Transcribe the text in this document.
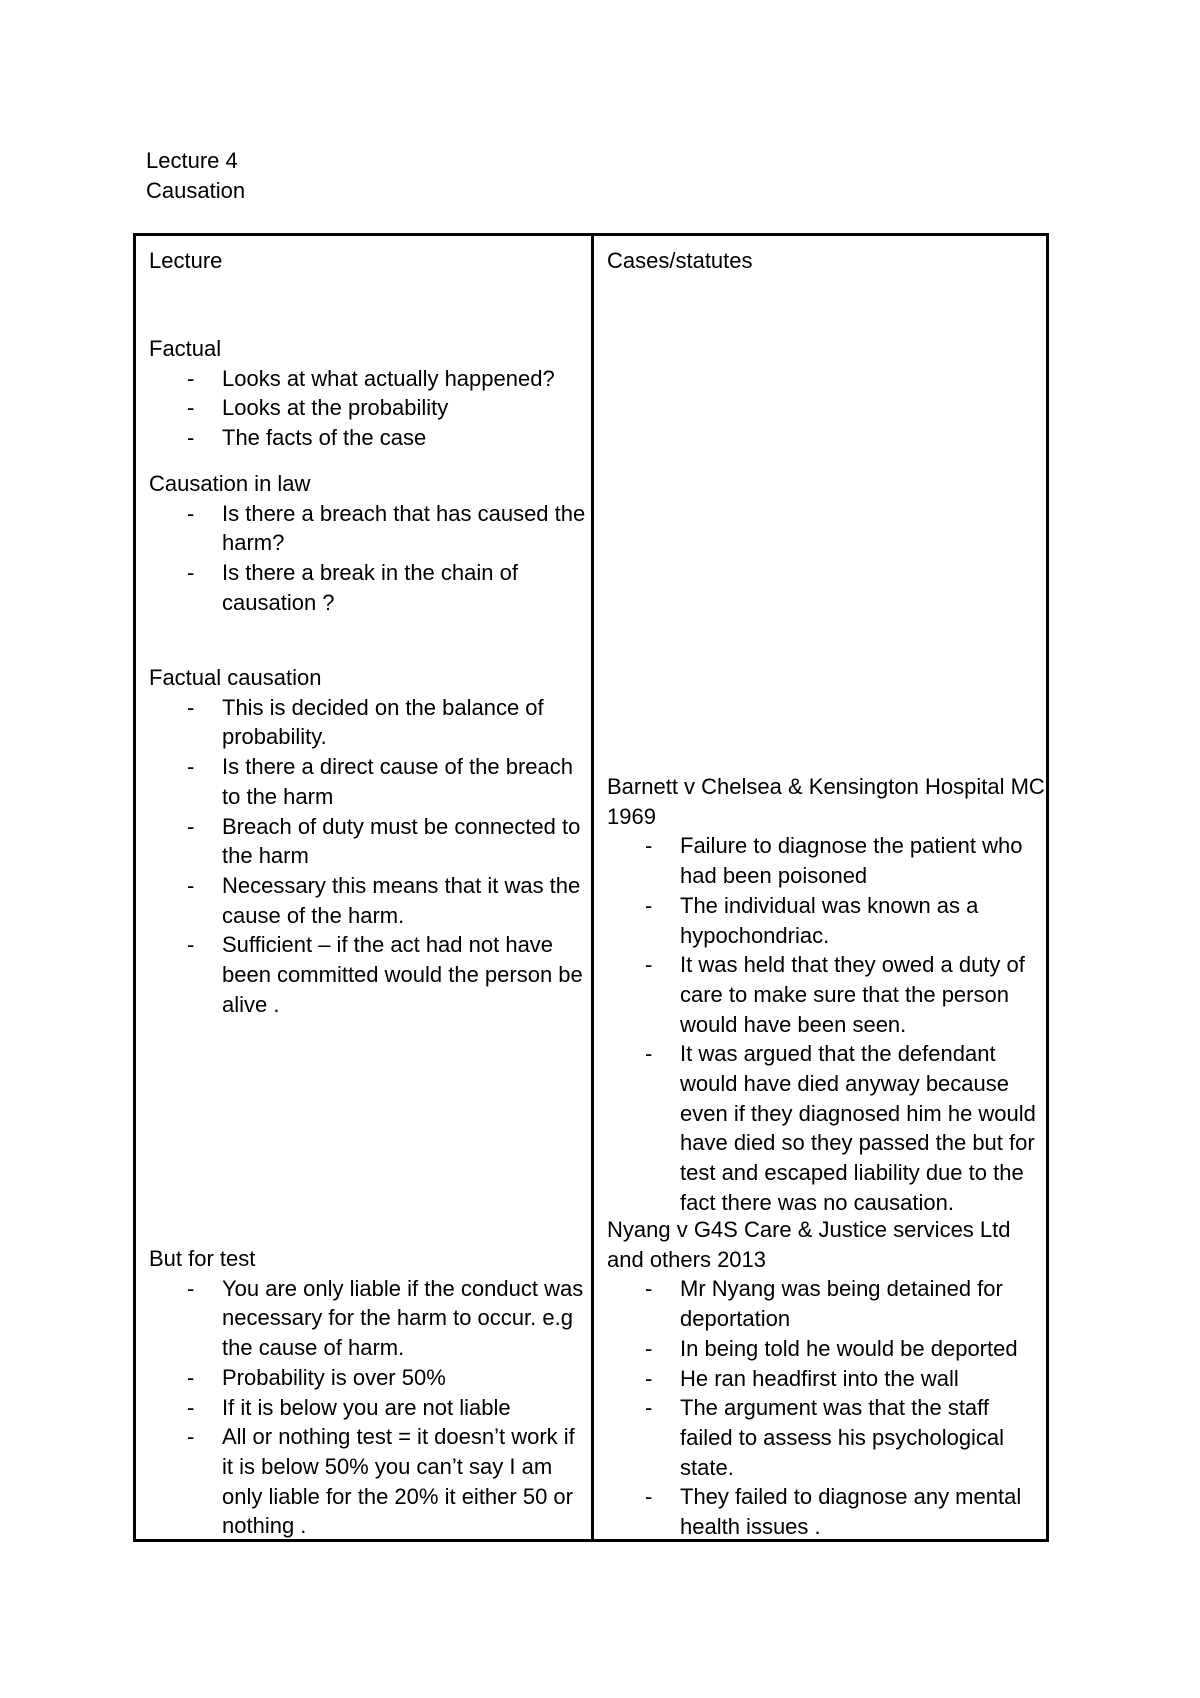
Lecture 4
Causation
Lecture	Cases/statutes
Factual
- Looks at what actually happened?
- Looks at the probability
- The facts of the case
Causation in law
- Is there a breach that has caused the harm?
- Is there a break in the chain of causation ?
Factual causation
- This is decided on the balance of probability.
- Is there a direct cause of the breach to the harm
- Breach of duty must be connected to the harm
- Necessary this means that it was the cause of the harm.
- Sufficient – if the act had not have been committed would the person be alive .
But for test
- You are only liable if the conduct was necessary for the harm to occur. e.g the cause of harm.
- Probability is over 50%
- If it is below you are not liable
- All or nothing test = it doesn’t work if it is below 50% you can’t say I am only liable for the 20% it either 50 or nothing .
Barnett v Chelsea & Kensington Hospital MC 1969
- Failure to diagnose the patient who had been poisoned
- The individual was known as a hypochondriac.
- It was held that they owed a duty of care to make sure that the person would have been seen.
- It was argued that the defendant would have died anyway because even if they diagnosed him he would have died so they passed the but for test and escaped liability due to the fact there was no causation.
Nyang v G4S Care & Justice services Ltd and others 2013
- Mr Nyang was being detained for deportation
- In being told he would be deported
- He ran headfirst into the wall
- The argument was that the staff failed to assess his psychological state.
- They failed to diagnose any mental health issues .
